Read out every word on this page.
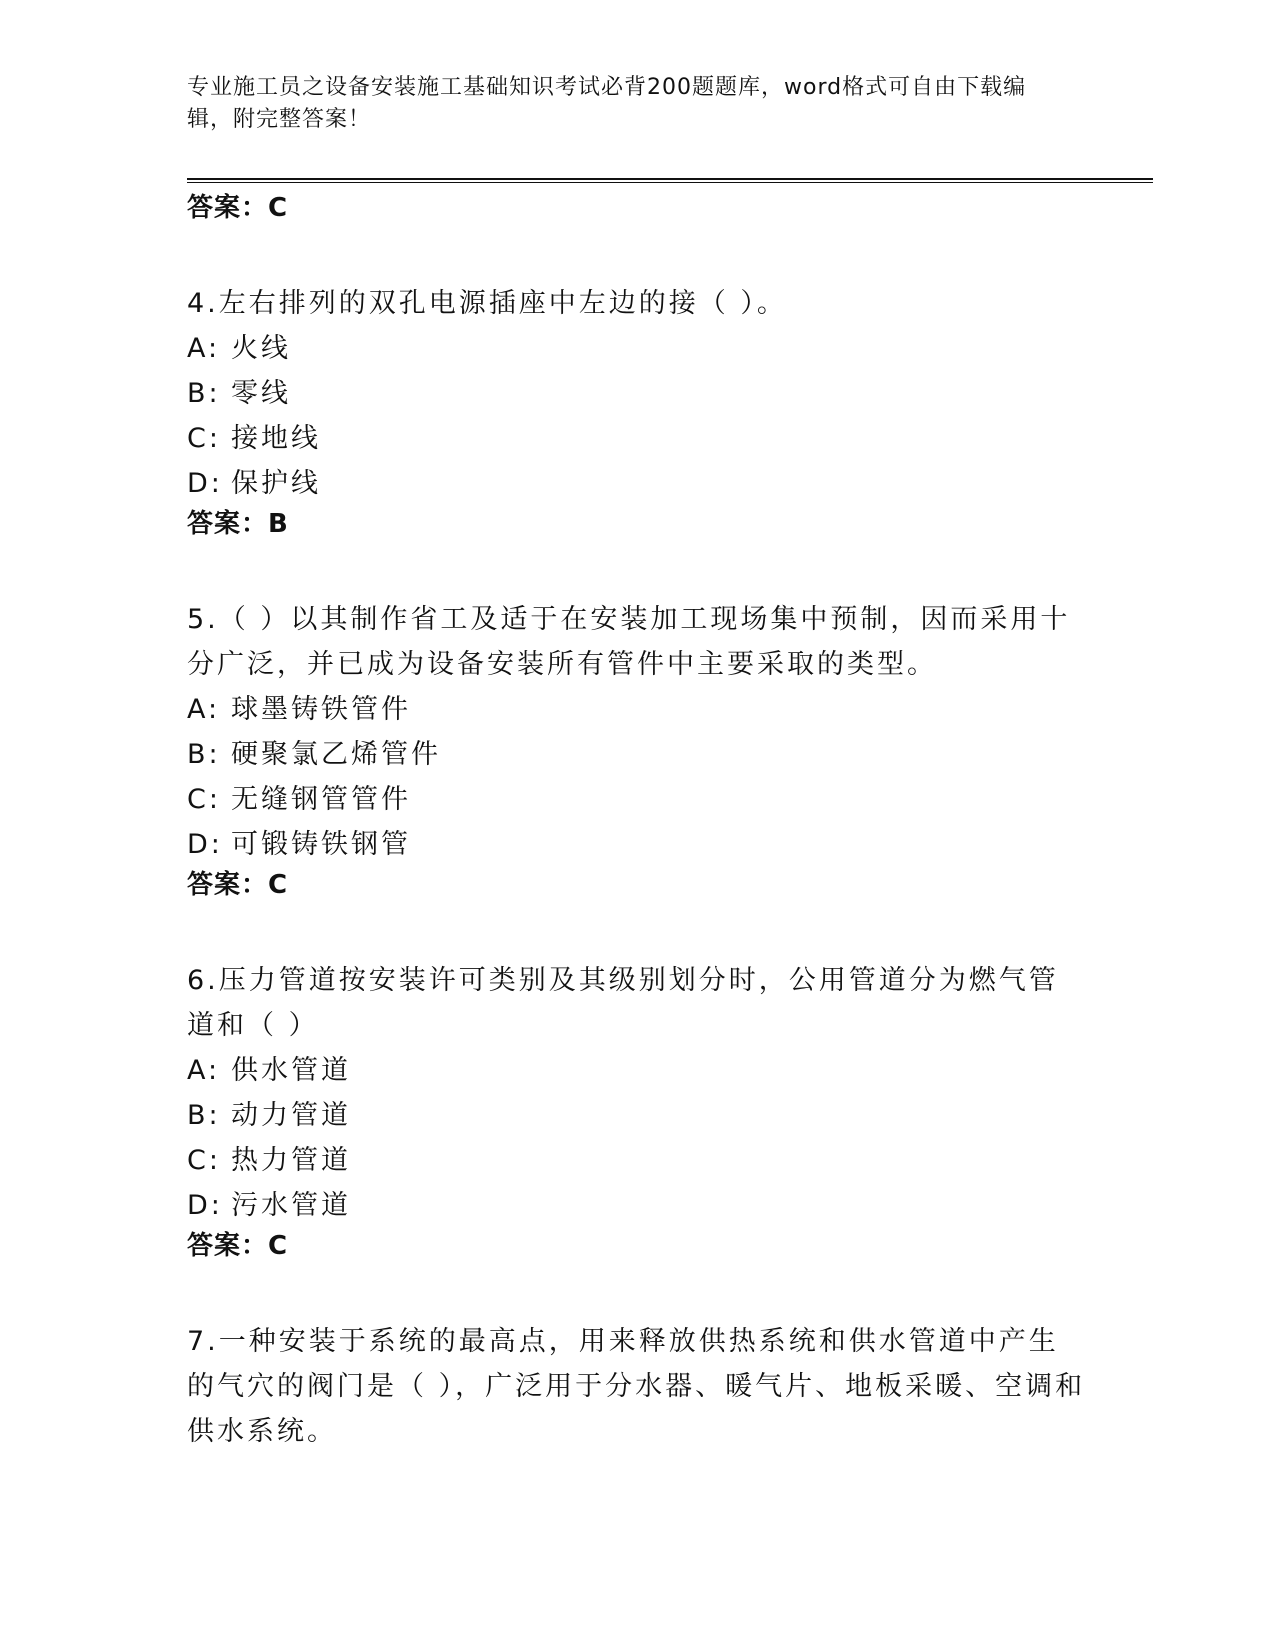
专业施工员之设备安装施工基础知识考试必背200题题库，word格式可自由下载编辑，附完整答案！
答案：C
4.左右排列的双孔电源插座中左边的接（ ）。
A: 火线
B: 零线
C: 接地线
D: 保护线
答案：B
5.（ ）以其制作省工及适于在安装加工现场集中预制，因而采用十分广泛，并已成为设备安装所有管件中主要采取的类型。
A: 球墨铸铁管件
B: 硬聚氯乙烯管件
C: 无缝钢管管件
D: 可锻铸铁钢管
答案：C
6.压力管道按安装许可类别及其级别划分时，公用管道分为燃气管道和（ ）
A: 供水管道
B: 动力管道
C: 热力管道
D: 污水管道
答案：C
7.一种安装于系统的最高点，用来释放供热系统和供水管道中产生的气穴的阀门是（ ），广泛用于分水器、暖气片、地板采暖、空调和供水系统。
